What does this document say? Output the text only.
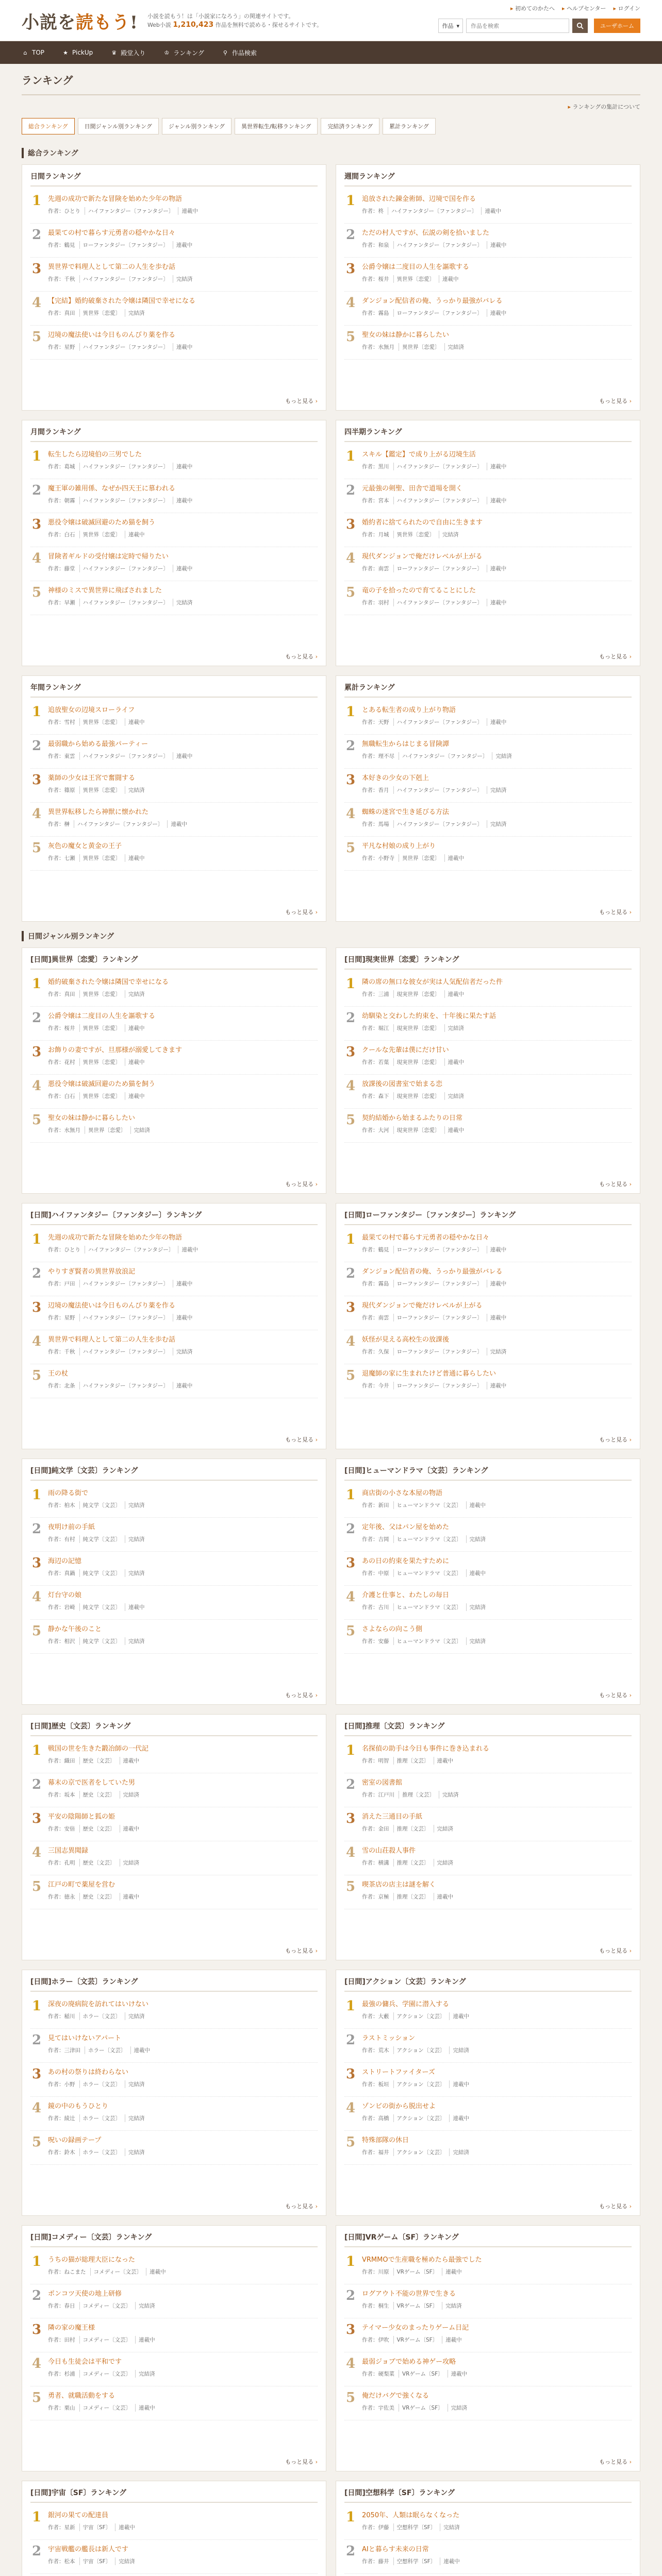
小説を 読もう ! 小説を読もう！は「小説家になろう」の関連サイトです。
Web小説 1,210,423 作品を無料で読める・探せるサイトです。
▸ 初めてのかたへ	▸ ヘルプセンター	▸ ログイン
作品 ▾
作品を検索	ユーザホーム
⌂ TOP	★ PickUp	♛ 殿堂入り	♔ ランキング	⚲ 作品検索
ランキング
▸ ランキングの集計について
総合ランキング	日間ジャンル別ランキング	ジャンル別ランキング	異世界転生/転移ランキング	完結済ランキング	累計ランキング
総合ランキング
日間ランキング
1 先週の成功で新たな冒険を始めた少年の物語
作者：ひとり	ハイファンタジー〔ファンタジー〕	連載中
2 最果ての村で暮らす元勇者の穏やかな日々
作者：鶴見	ローファンタジー〔ファンタジー〕	連載中
3 異世界で料理人として第二の人生を歩む話
作者：千秋	ハイファンタジー〔ファンタジー〕	完結済
4 【完結】婚約破棄された令嬢は隣国で幸せになる
作者：真田	異世界〔恋愛〕	完結済
5 辺境の魔法使いは今日ものんびり薬を作る
作者：星野	ハイファンタジー〔ファンタジー〕	連載中
もっと見る ›
週間ランキング
1 追放された錬金術師、辺境で国を作る
作者：柊	ハイファンタジー〔ファンタジー〕	連載中
2 ただの村人ですが、伝説の剣を拾いました
作者：和泉	ハイファンタジー〔ファンタジー〕	連載中
3 公爵令嬢は二度目の人生を謳歌する
作者：桜井	異世界〔恋愛〕	連載中
4 ダンジョン配信者の俺、うっかり最強がバレる
作者：霧島	ローファンタジー〔ファンタジー〕	連載中
5 聖女の妹は静かに暮らしたい
作者：水無月	異世界〔恋愛〕	完結済
もっと見る ›
月間ランキング
1 転生したら辺境伯の三男でした
作者：葛城	ハイファンタジー〔ファンタジー〕	連載中
2 魔王軍の雑用係、なぜか四天王に慕われる
作者：朝霧	ハイファンタジー〔ファンタジー〕	連載中
3 悪役令嬢は破滅回避のため猫を飼う
作者：白石	異世界〔恋愛〕	連載中
4 冒険者ギルドの受付嬢は定時で帰りたい
作者：藤堂	ハイファンタジー〔ファンタジー〕	連載中
5 神様のミスで異世界に飛ばされました
作者：早瀬	ハイファンタジー〔ファンタジー〕	完結済
もっと見る ›
四半期ランキング
1 スキル【鑑定】で成り上がる辺境生活
作者：黒川	ハイファンタジー〔ファンタジー〕	連載中
2 元最強の剣聖、田舎で道場を開く
作者：宮本	ハイファンタジー〔ファンタジー〕	連載中
3 婚約者に捨てられたので自由に生きます
作者：月城	異世界〔恋愛〕	完結済
4 現代ダンジョンで俺だけレベルが上がる
作者：南雲	ローファンタジー〔ファンタジー〕	連載中
5 竜の子を拾ったので育てることにした
作者：羽村	ハイファンタジー〔ファンタジー〕	連載中
もっと見る ›
年間ランキング
1 追放聖女の辺境スローライフ
作者：雪村	異世界〔恋愛〕	連載中
2 最弱職から始める最強パーティー
作者：東雲	ハイファンタジー〔ファンタジー〕	連載中
3 薬師の少女は王宮で奮闘する
作者：篠原	異世界〔恋愛〕	完結済
4 異世界転移したら神獣に懐かれた
作者：榊	ハイファンタジー〔ファンタジー〕	連載中
5 灰色の魔女と黄金の王子
作者：七瀬	異世界〔恋愛〕	連載中
もっと見る ›
累計ランキング
1 とある転生者の成り上がり物語
作者：天野	ハイファンタジー〔ファンタジー〕	連載中
2 無職転生からはじまる冒険譚
作者：理不尽	ハイファンタジー〔ファンタジー〕	完結済
3 本好きの少女の下剋上
作者：香月	ハイファンタジー〔ファンタジー〕	完結済
4 蜘蛛の迷宮で生き延びる方法
作者：馬場	ハイファンタジー〔ファンタジー〕	完結済
5 平凡な村娘の成り上がり
作者：小野寺	異世界〔恋愛〕	連載中
もっと見る ›
日間ジャンル別ランキング
[日間]異世界〔恋愛〕ランキング
1 婚約破棄された令嬢は隣国で幸せになる
作者：真田	異世界〔恋愛〕	完結済
2 公爵令嬢は二度目の人生を謳歌する
作者：桜井	異世界〔恋愛〕	連載中
3 お飾りの妻ですが、旦那様が溺愛してきます
作者：花村	異世界〔恋愛〕	連載中
4 悪役令嬢は破滅回避のため猫を飼う
作者：白石	異世界〔恋愛〕	連載中
5 聖女の妹は静かに暮らしたい
作者：水無月	異世界〔恋愛〕	完結済
もっと見る ›
[日間]現実世界〔恋愛〕ランキング
1 隣の席の無口な彼女が実は人気配信者だった件
作者：三浦	現実世界〔恋愛〕	連載中
2 幼馴染と交わした約束を、十年後に果たす話
作者：堀江	現実世界〔恋愛〕	完結済
3 クールな先輩は僕にだけ甘い
作者：若葉	現実世界〔恋愛〕	連載中
4 放課後の図書室で始まる恋
作者：森下	現実世界〔恋愛〕	完結済
5 契約結婚から始まるふたりの日常
作者：大河	現実世界〔恋愛〕	連載中
もっと見る ›
[日間]ハイファンタジー〔ファンタジー〕ランキング
1 先週の成功で新たな冒険を始めた少年の物語
作者：ひとり	ハイファンタジー〔ファンタジー〕	連載中
2 やりすぎ賢者の異世界放浪記
作者：戸田	ハイファンタジー〔ファンタジー〕	連載中
3 辺境の魔法使いは今日ものんびり薬を作る
作者：星野	ハイファンタジー〔ファンタジー〕	連載中
4 異世界で料理人として第二の人生を歩む話
作者：千秋	ハイファンタジー〔ファンタジー〕	完結済
5 王の杖
作者：北条	ハイファンタジー〔ファンタジー〕	連載中
もっと見る ›
[日間]ローファンタジー〔ファンタジー〕ランキング
1 最果ての村で暮らす元勇者の穏やかな日々
作者：鶴見	ローファンタジー〔ファンタジー〕	連載中
2 ダンジョン配信者の俺、うっかり最強がバレる
作者：霧島	ローファンタジー〔ファンタジー〕	連載中
3 現代ダンジョンで俺だけレベルが上がる
作者：南雲	ローファンタジー〔ファンタジー〕	連載中
4 妖怪が見える高校生の放課後
作者：久保	ローファンタジー〔ファンタジー〕	完結済
5 退魔師の家に生まれたけど普通に暮らしたい
作者：今井	ローファンタジー〔ファンタジー〕	連載中
もっと見る ›
[日間]純文学〔文芸〕ランキング
1 雨の降る街で
作者：柏木	純文学〔文芸〕	完結済
2 夜明け前の手紙
作者：有村	純文学〔文芸〕	完結済
3 海辺の記憶
作者：真鍋	純文学〔文芸〕	完結済
4 灯台守の娘
作者：岩崎	純文学〔文芸〕	連載中
5 静かな午後のこと
作者：相沢	純文学〔文芸〕	完結済
もっと見る ›
[日間]ヒューマンドラマ〔文芸〕ランキング
1 商店街の小さな本屋の物語
作者：新田	ヒューマンドラマ〔文芸〕	連載中
2 定年後、父はパン屋を始めた
作者：吉岡	ヒューマンドラマ〔文芸〕	完結済
3 あの日の約束を果たすために
作者：中原	ヒューマンドラマ〔文芸〕	連載中
4 介護と仕事と、わたしの毎日
作者：古川	ヒューマンドラマ〔文芸〕	完結済
5 さよならの向こう側
作者：安藤	ヒューマンドラマ〔文芸〕	完結済
もっと見る ›
[日間]歴史〔文芸〕ランキング
1 戦国の世を生きた鍛冶師の一代記
作者：織田	歴史〔文芸〕	連載中
2 幕末の京で医者をしていた男
作者：坂本	歴史〔文芸〕	完結済
3 平安の陰陽師と狐の姫
作者：安倍	歴史〔文芸〕	連載中
4 三国志異聞録
作者：孔明	歴史〔文芸〕	完結済
5 江戸の町で薬屋を営む
作者：徳永	歴史〔文芸〕	連載中
もっと見る ›
[日間]推理〔文芸〕ランキング
1 名探偵の助手は今日も事件に巻き込まれる
作者：明智	推理〔文芸〕	連載中
2 密室の図書館
作者：江戸川	推理〔文芸〕	完結済
3 消えた三通目の手紙
作者：金田	推理〔文芸〕	完結済
4 雪の山荘殺人事件
作者：横溝	推理〔文芸〕	完結済
5 喫茶店の店主は謎を解く
作者：京極	推理〔文芸〕	連載中
もっと見る ›
[日間]ホラー〔文芸〕ランキング
1 深夜の廃病院を訪れてはいけない
作者：稲川	ホラー〔文芸〕	完結済
2 見てはいけないアパート
作者：三津田	ホラー〔文芸〕	連載中
3 あの村の祭りは終わらない
作者：小野	ホラー〔文芸〕	完結済
4 鏡の中のもうひとり
作者：綾辻	ホラー〔文芸〕	完結済
5 呪いの録画テープ
作者：鈴木	ホラー〔文芸〕	完結済
もっと見る ›
[日間]アクション〔文芸〕ランキング
1 最強の傭兵、学園に潜入する
作者：大藪	アクション〔文芸〕	連載中
2 ラストミッション
作者：荒木	アクション〔文芸〕	完結済
3 ストリートファイターズ
作者：板垣	アクション〔文芸〕	連載中
4 ゾンビの街から脱出せよ
作者：高橋	アクション〔文芸〕	連載中
5 特殊部隊の休日
作者：福井	アクション〔文芸〕	完結済
もっと見る ›
[日間]コメディー〔文芸〕ランキング
1 うちの猫が総理大臣になった
作者：ねこまた	コメディー〔文芸〕	連載中
2 ポンコツ天使の地上研修
作者：春日	コメディー〔文芸〕	完結済
3 隣の家の魔王様
作者：田村	コメディー〔文芸〕	連載中
4 今日も生徒会は平和です
作者：杉浦	コメディー〔文芸〕	完結済
5 勇者、就職活動をする
作者：栗山	コメディー〔文芸〕	連載中
もっと見る ›
[日間]VRゲーム〔SF〕ランキング
1 VRMMOで生産職を極めたら最強でした
作者：川原	VRゲーム〔SF〕	連載中
2 ログアウト不能の世界で生きる
作者：桐生	VRゲーム〔SF〕	完結済
3 テイマー少女のまったりゲーム日記
作者：伊吹	VRゲーム〔SF〕	連載中
4 最弱ジョブで始める神ゲー攻略
作者：硬梨菜	VRゲーム〔SF〕	連載中
5 俺だけバグで強くなる
作者：宇佐美	VRゲーム〔SF〕	完結済
もっと見る ›
[日間]宇宙〔SF〕ランキング
1 銀河の果ての配達員
作者：星新	宇宙〔SF〕	連載中
2 宇宙戦艦の艦長は新人です
作者：松本	宇宙〔SF〕	完結済
[日間]空想科学〔SF〕ランキング
1 2050年、人類は眠らなくなった
作者：伊藤	空想科学〔SF〕	完結済
2 AIと暮らす未来の日常
作者：藤井	空想科学〔SF〕	連載中
